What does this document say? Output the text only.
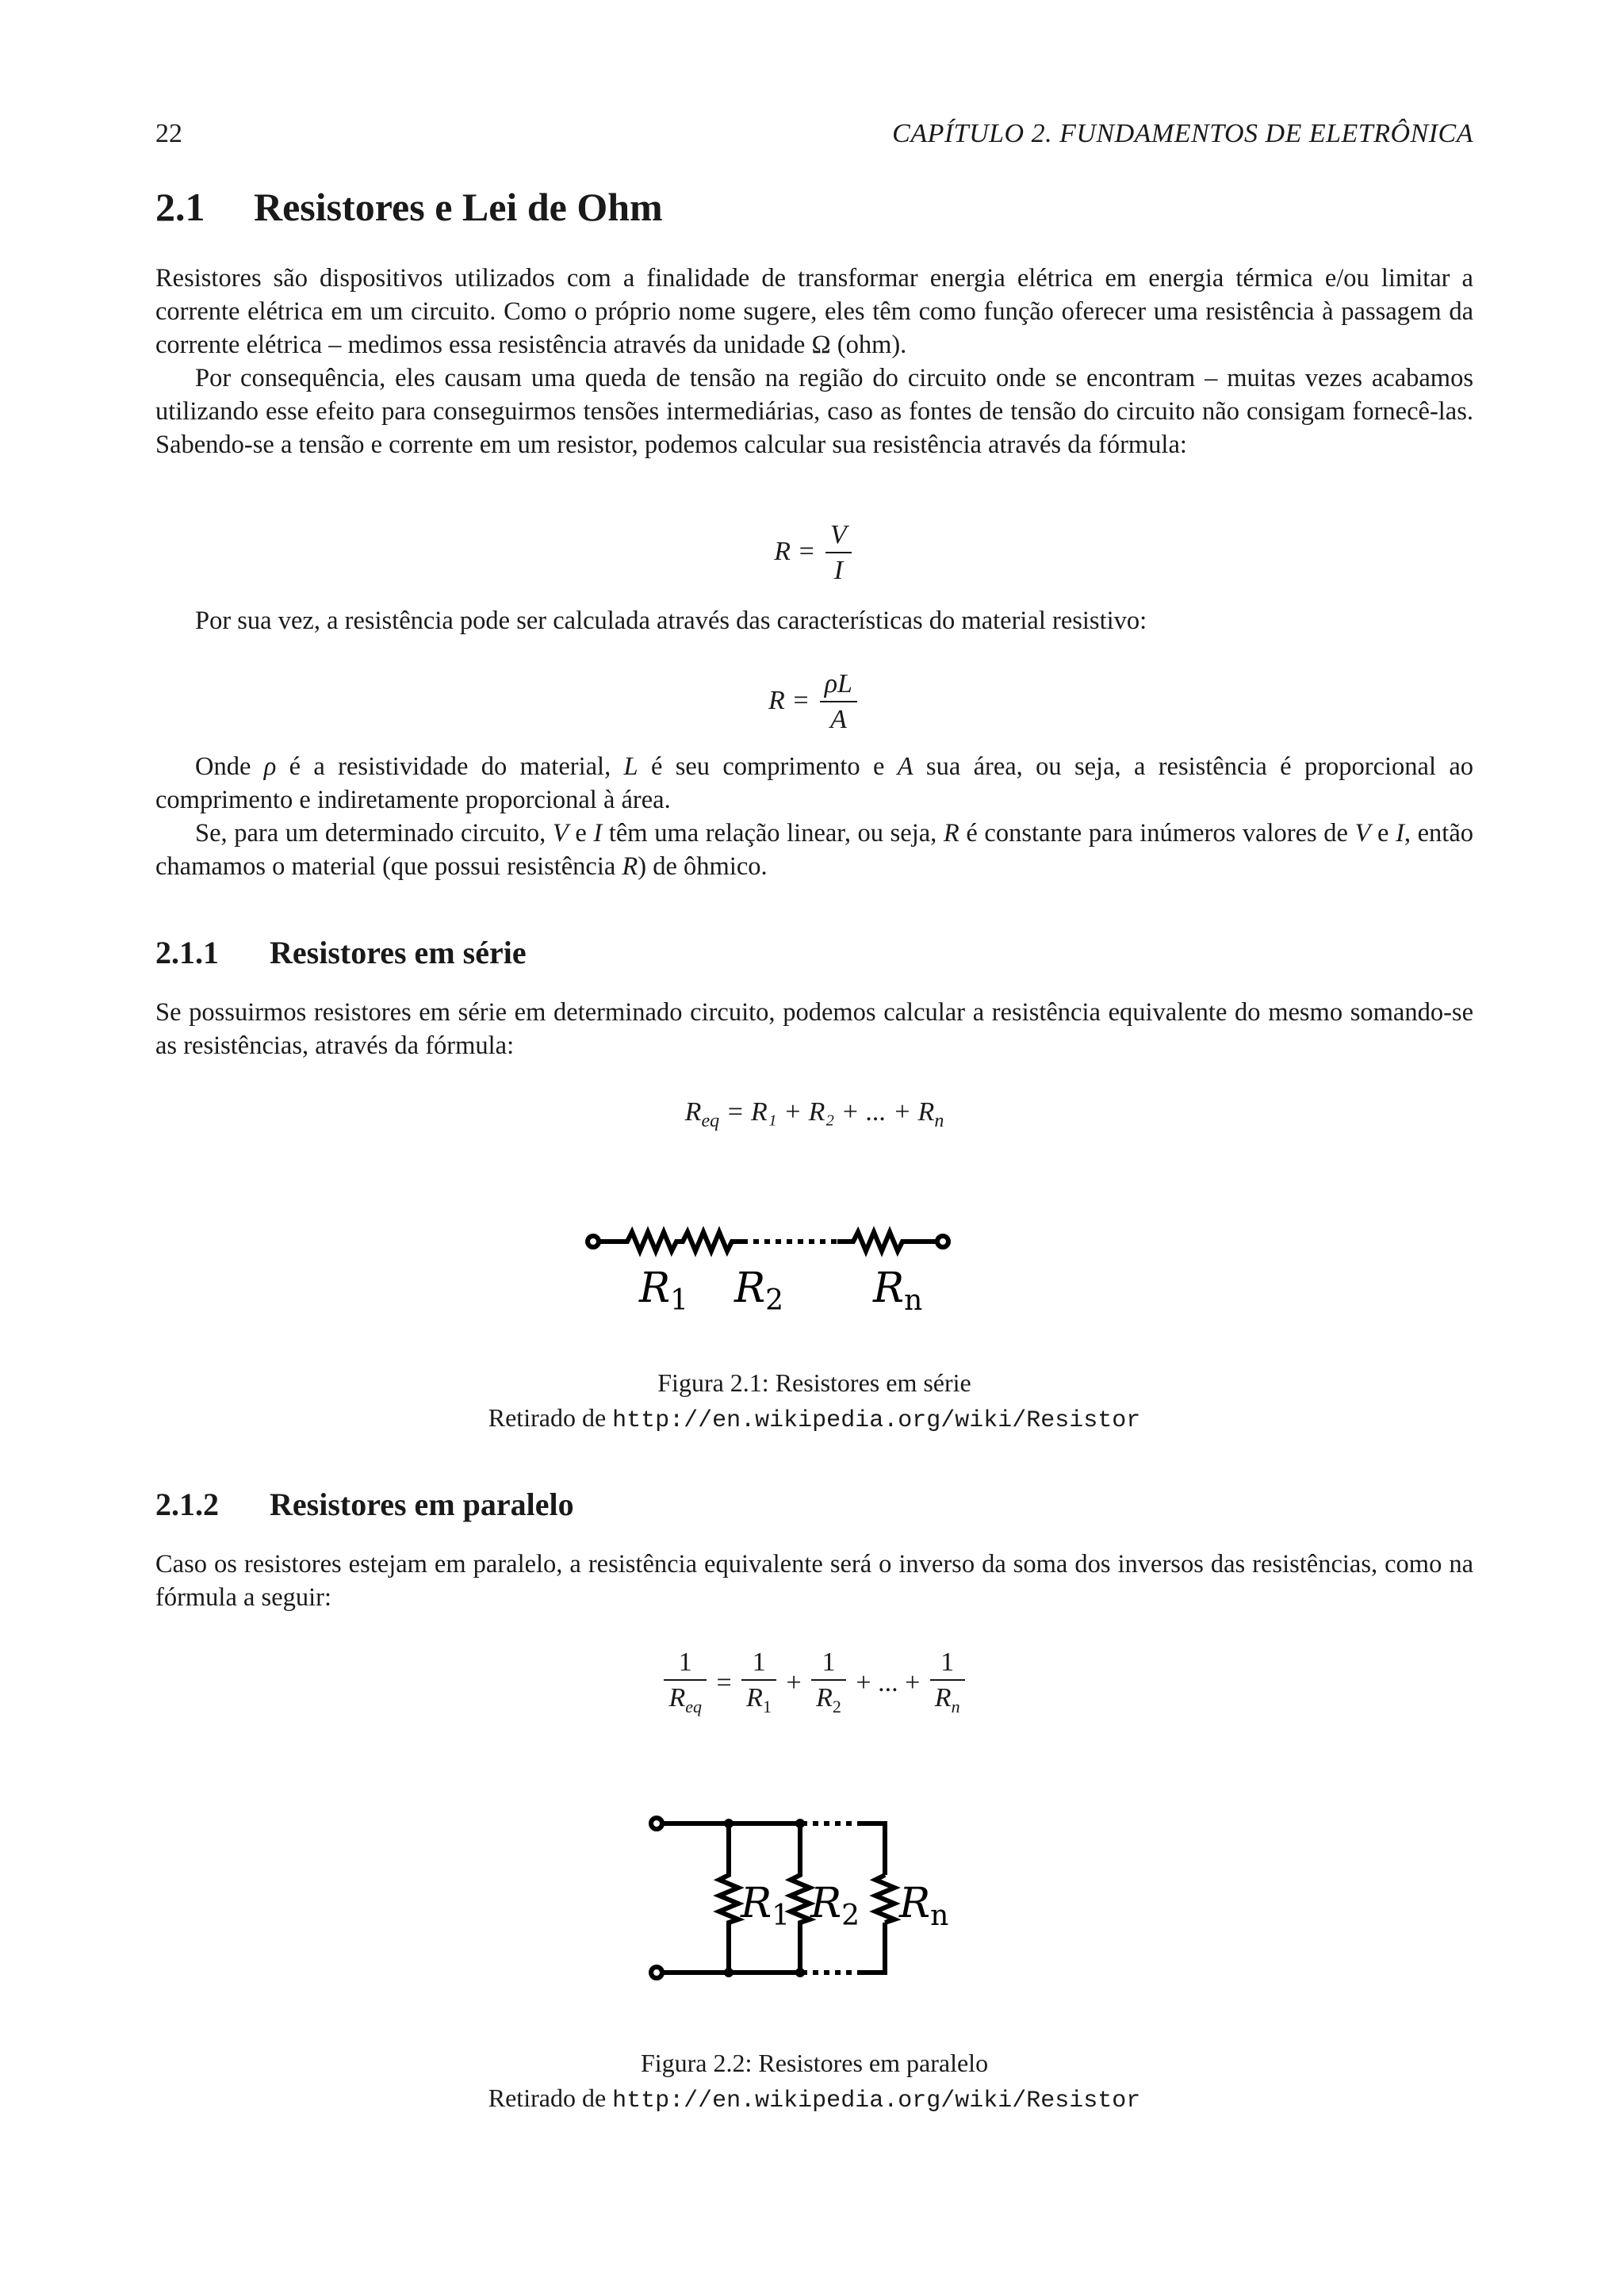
22	CAPÍTULO 2. FUNDAMENTOS DE ELETRÔNICA
2.1 Resistores e Lei de Ohm

Resistores são dispositivos utilizados com a finalidade de transformar energia elétrica em energia térmica e/ou limitar a corrente elétrica em um circuito. Como o próprio nome sugere, eles têm como função oferecer uma resistência à passagem da corrente elétrica – medimos essa resistência através da unidade Ω (ohm).

Por consequência, eles causam uma queda de tensão na região do circuito onde se encontram – muitas vezes acabamos utilizando esse efeito para conseguirmos tensões intermediárias, caso as fontes de tensão do circuito não consigam fornecê-las. Sabendo-se a tensão e corrente em um resistor, podemos calcular sua resistência através da fórmula:

$R = \frac{V}{I}$

Por sua vez, a resistência pode ser calculada através das características do material resistivo:

$R = \frac{\rho L}{A}$

Onde ρ é a resistividade do material, L é seu comprimento e A sua área, ou seja, a resistência é proporcional ao comprimento e indiretamente proporcional à área.

Se, para um determinado circuito, V e I têm uma relação linear, ou seja, R é constante para inúmeros valores de V e I, então chamamos o material (que possui resistência R) de ôhmico.

2.1.1 Resistores em série

Se possuirmos resistores em série em determinado circuito, podemos calcular a resistência equivalente do mesmo somando-se as resistências, através da fórmula:

$R_{eq} = R_1 + R_2$ + ... + $R_n$
R1 R2 Rn
Figura 2.1: Resistores em série
Retirado de http://en.wikipedia.org/wiki/Resistor
2.1.2 Resistores em paralelo

Caso os resistores estejam em paralelo, a resistência equivalente será o inverso da soma dos inversos das resistências, como na fórmula a seguir:

$\frac{1}{R_{eq}} = \frac{1}{R_1} + \frac{1}{R_2}$ + ... + $\frac{1}{R_n}$
R1 R2 Rn
Figura 2.2: Resistores em paralelo
Retirado de http://en.wikipedia.org/wiki/Resistor
